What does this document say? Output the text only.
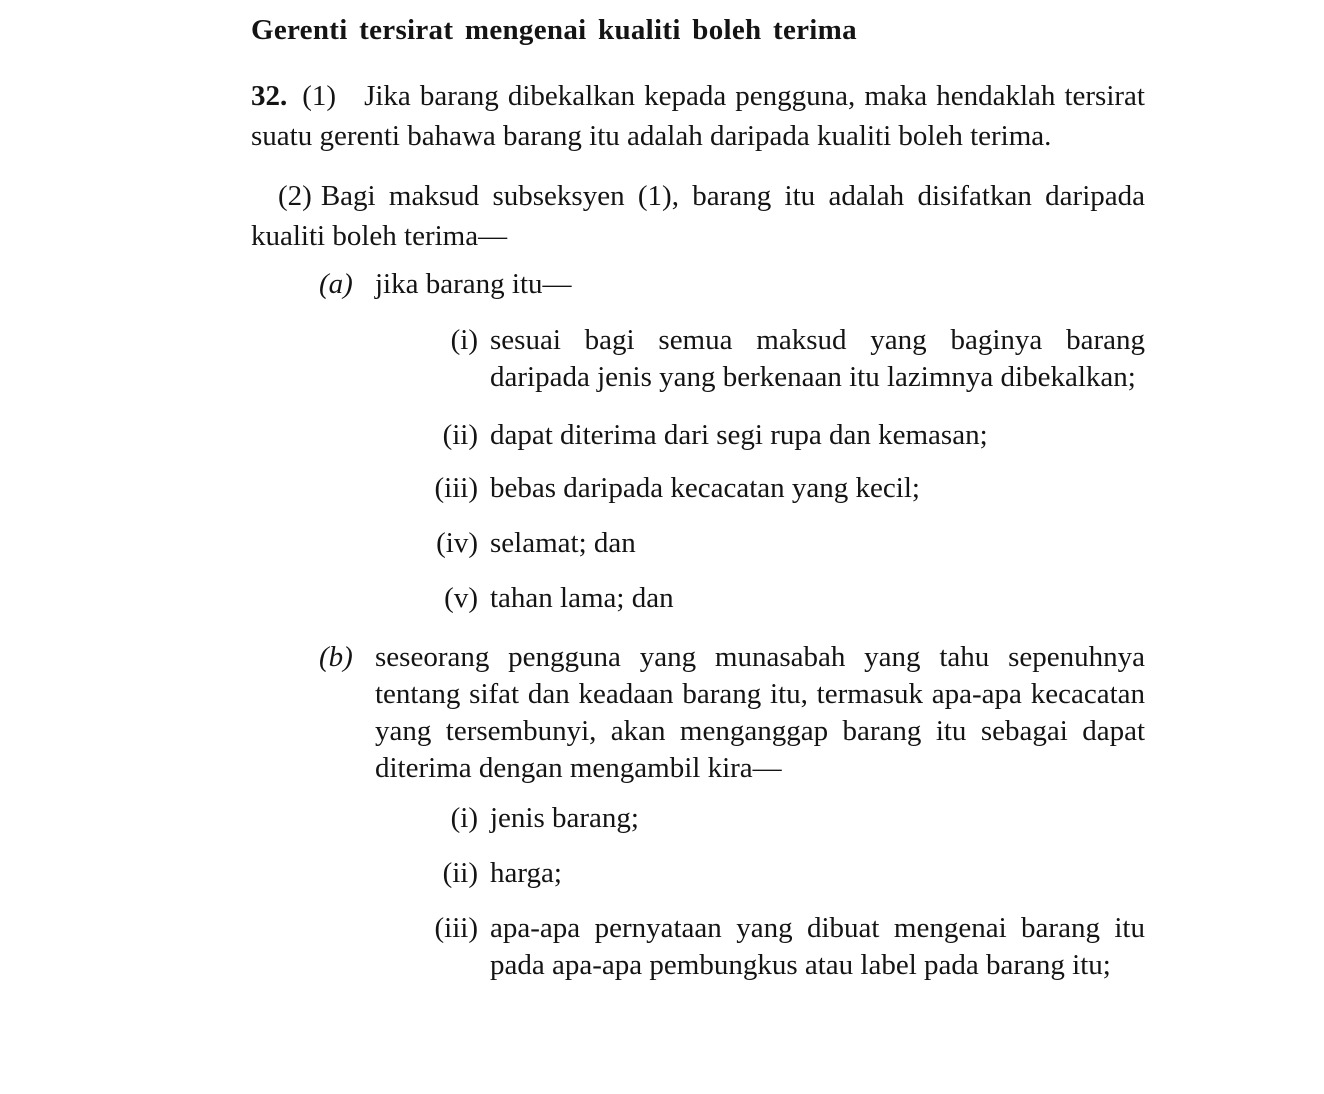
Gerenti tersirat mengenai kualiti boleh terima

32. (1) Jika barang dibekalkan kepada pengguna, maka hendaklah tersirat suatu gerenti bahawa barang itu adalah daripada kualiti boleh terima.

(2) Bagi maksud subseksyen (1), barang itu adalah disifatkan daripada kualiti boleh terima—

(a) jika barang itu—
(i) sesuai bagi semua maksud yang baginya barang daripada jenis yang berkenaan itu lazimnya dibekalkan;
(ii) dapat diterima dari segi rupa dan kemasan;
(iii) bebas daripada kecacatan yang kecil;
(iv) selamat; dan
(v) tahan lama; dan
(b) seseorang pengguna yang munasabah yang tahu sepenuhnya tentang sifat dan keadaan barang itu, termasuk apa-apa kecacatan yang tersembunyi, akan menganggap barang itu sebagai dapat diterima dengan mengambil kira—
(i) jenis barang;
(ii) harga;
(iii) apa-apa pernyataan yang dibuat mengenai barang itu pada apa-apa pembungkus atau label pada barang itu;
